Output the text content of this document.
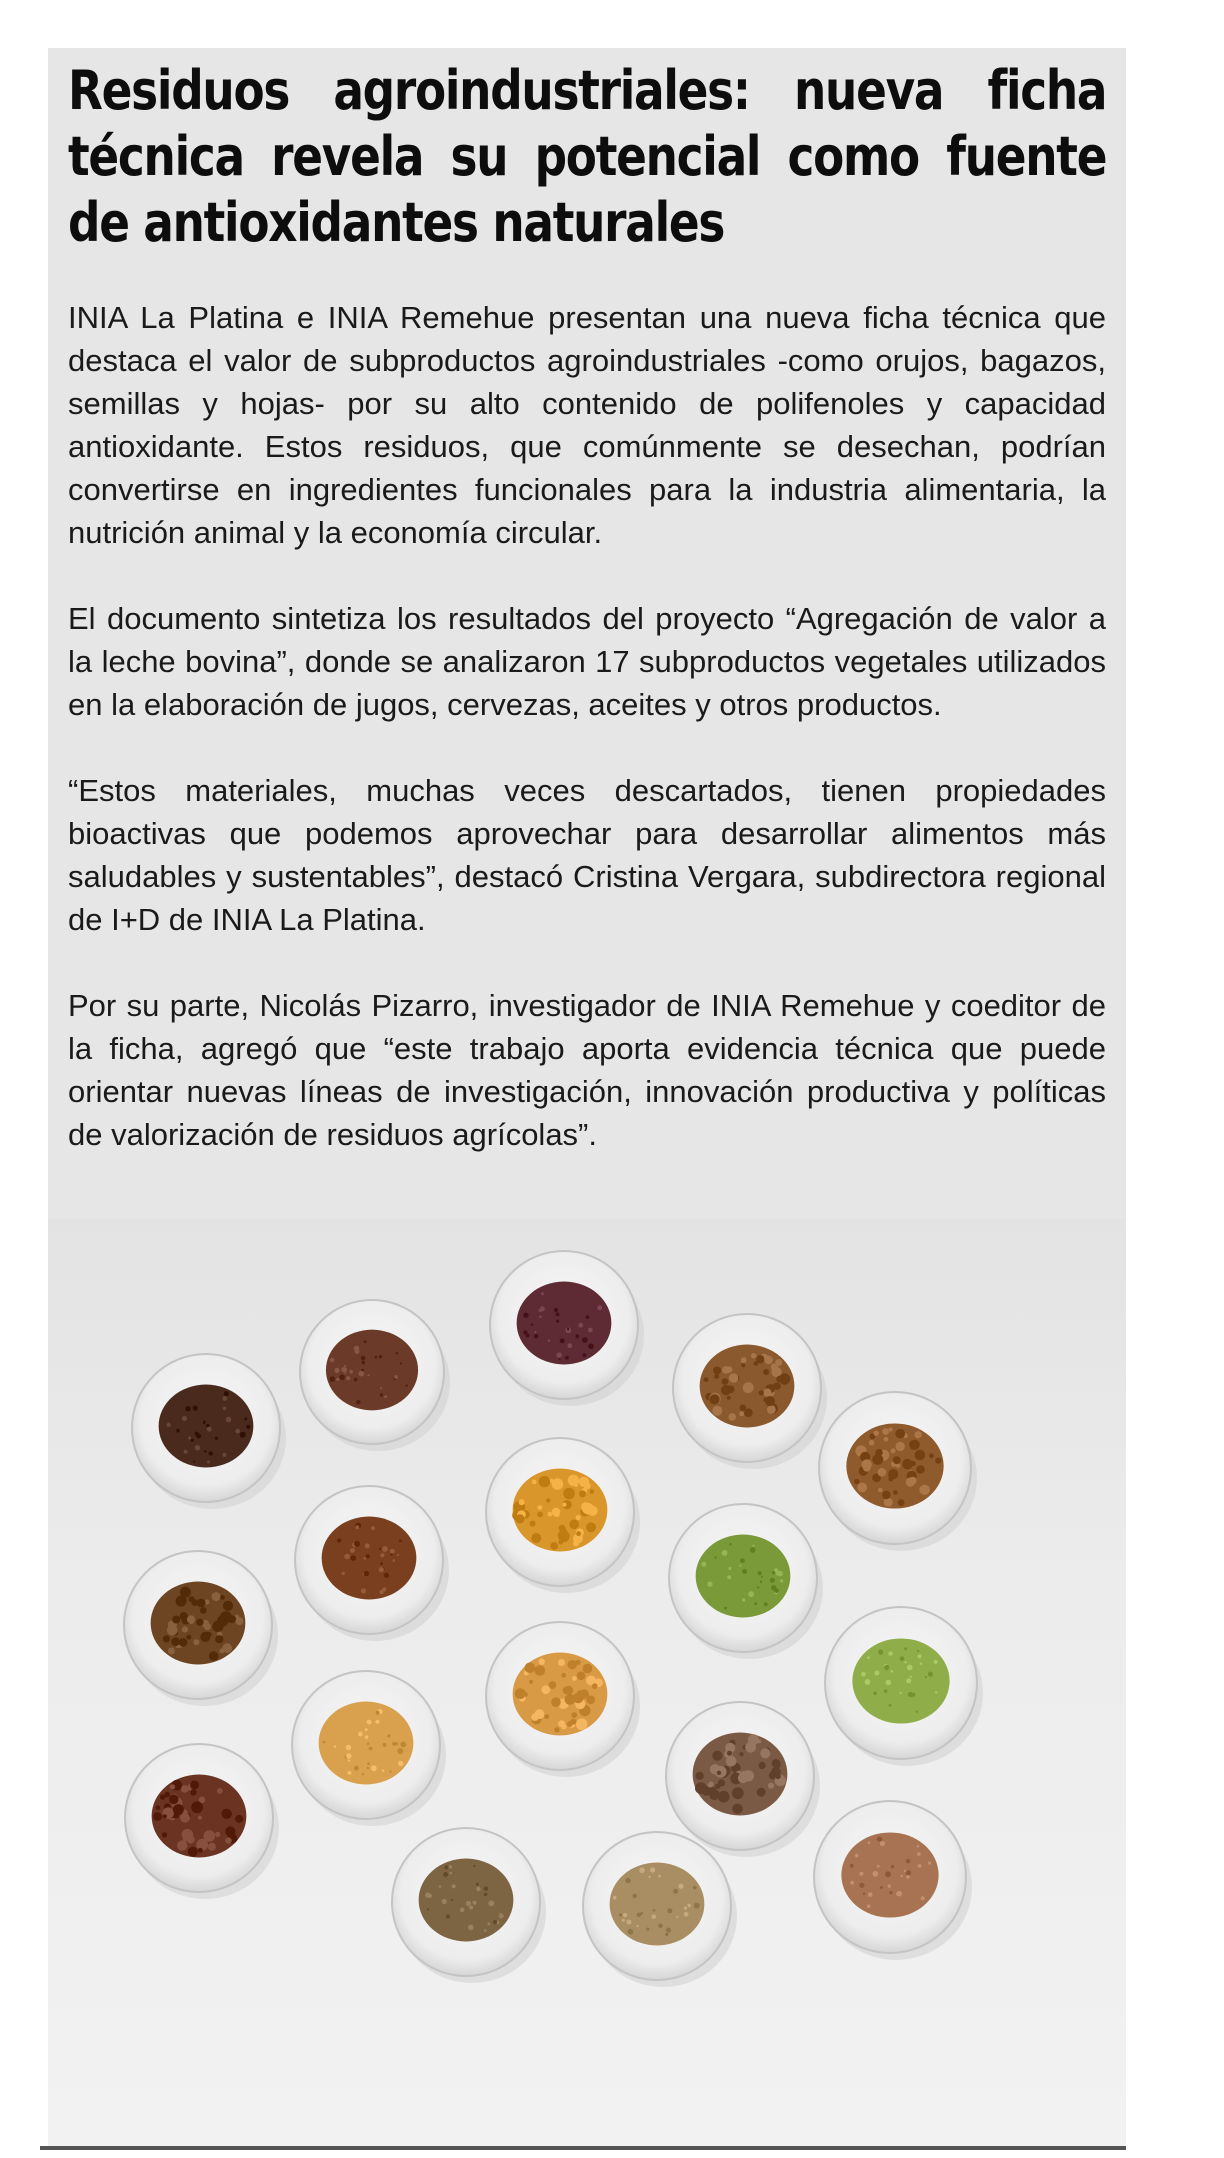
Residuos agroindustriales: nueva ficha técnica revela su potencial como fuente de antioxidantes naturales

INIA La Platina e INIA Remehue presentan una nueva ficha técnica que destaca el valor de subproductos agroindustriales -como orujos, bagazos, semillas y hojas- por su alto contenido de polifenoles y capacidad antioxidante. Estos residuos, que comúnmente se desechan, podrían convertirse en ingredientes funcionales para la industria alimentaria, la nutrición animal y la economía circular.

El documento sintetiza los resultados del proyecto “Agregación de valor a la leche bovina”, donde se analizaron 17 subproductos vegetales utilizados en la elaboración de jugos, cervezas, aceites y otros productos.

“Estos materiales, muchas veces descartados, tienen propiedades bioactivas que podemos aprovechar para desarrollar alimentos más saludables y sustentables”, destacó Cristina Vergara, subdirectora regional de I+D de INIA La Platina.

Por su parte, Nicolás Pizarro, investigador de INIA Remehue y coeditor de la ficha, agregó que “este trabajo aporta evidencia técnica que puede orientar nuevas líneas de investigación, innovación productiva y políticas de valorización de residuos agrícolas”.
